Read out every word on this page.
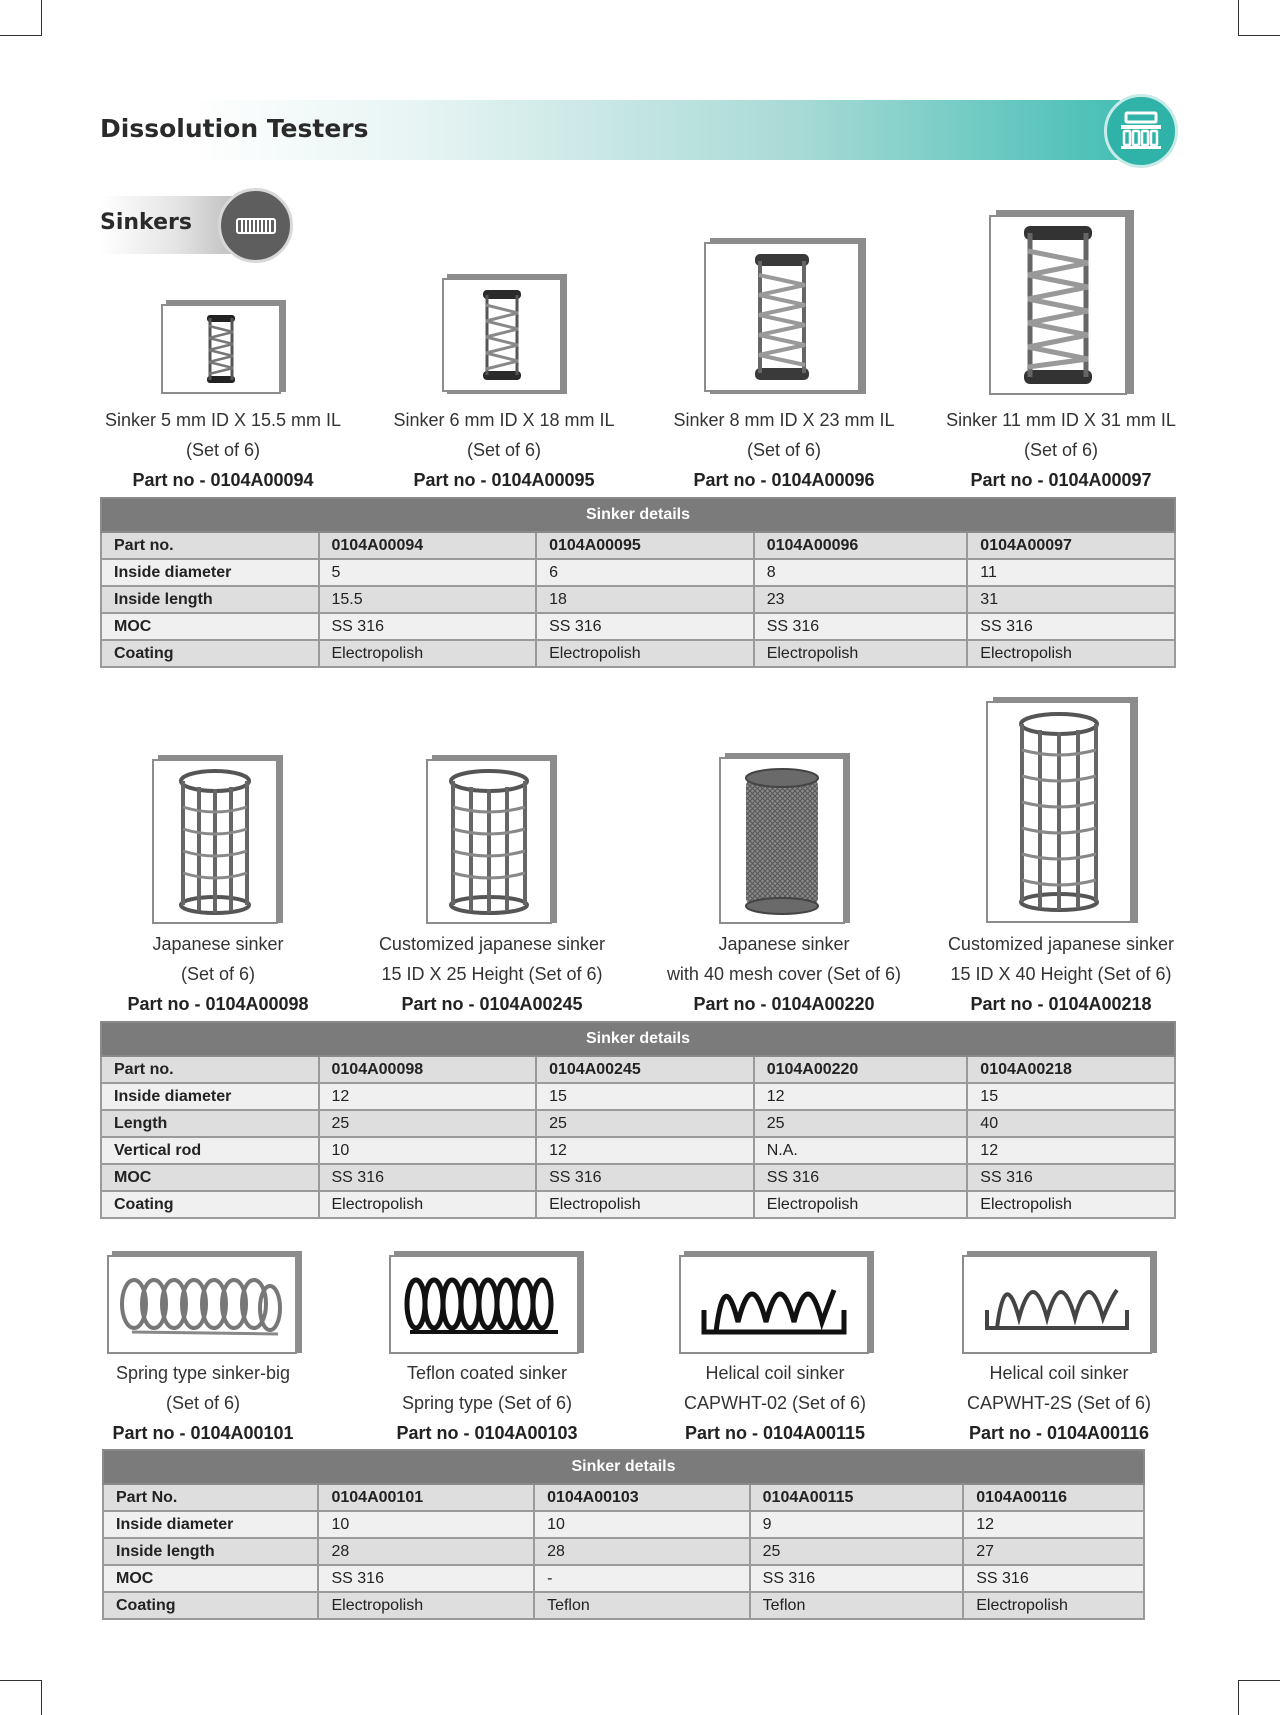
Dissolution Testers
Sinkers
Sinker 5 mm ID X 15.5 mm IL
(Set of 6)
Part no - 0104A00094
Sinker 6 mm ID X 18 mm IL
(Set of 6)
Part no - 0104A00095
Sinker 8 mm ID X 23 mm IL
(Set of 6)
Part no - 0104A00096
Sinker 11 mm ID X 31 mm IL
(Set of 6)
Part no - 0104A00097
Sinker details				
Part no.	0104A00094	0104A00095	0104A00096	0104A00097
Inside diameter	5	6	8	11
Inside length	15.5	18	23	31
MOC	SS 316	SS 316	SS 316	SS 316
Coating	Electropolish	Electropolish	Electropolish	Electropolish
Japanese sinker
(Set of 6)
Part no - 0104A00098
Customized japanese sinker
15 ID X 25 Height (Set of 6)
Part no - 0104A00245
Japanese sinker
with 40 mesh cover (Set of 6)
Part no - 0104A00220
Customized japanese sinker
15 ID X 40 Height (Set of 6)
Part no - 0104A00218
Sinker details				
Part no.	0104A00098	0104A00245	0104A00220	0104A00218
Inside diameter	12	15	12	15
Length	25	25	25	40
Vertical rod	10	12	N.A.	12
MOC	SS 316	SS 316	SS 316	SS 316
Coating	Electropolish	Electropolish	Electropolish	Electropolish
Spring type sinker-big
(Set of 6)
Part no - 0104A00101
Teflon coated sinker
Spring type (Set of 6)
Part no - 0104A00103
Helical coil sinker
CAPWHT-02 (Set of 6)
Part no - 0104A00115
Helical coil sinker
CAPWHT-2S (Set of 6)
Part no - 0104A00116
Sinker details				
Part No.	0104A00101	0104A00103	0104A00115	0104A00116
Inside diameter	10	10	9	12
Inside length	28	28	25	27
MOC	SS 316	-	SS 316	SS 316
Coating	Electropolish	Teflon	Teflon	Electropolish
